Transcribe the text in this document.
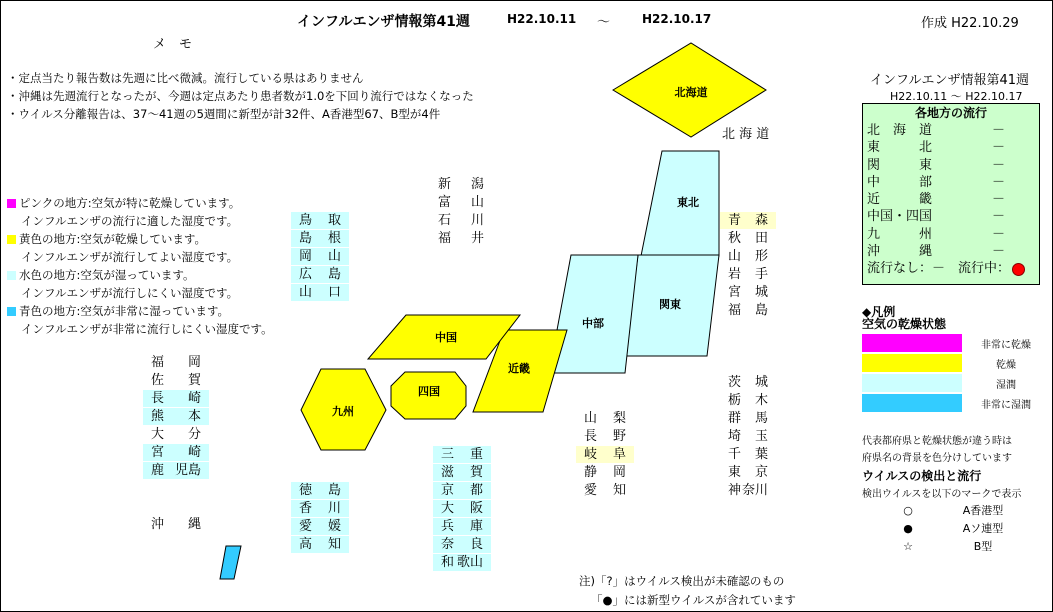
インフルエンザ情報第41週	H22.10.11 ～	H22.10.17	作成 H22.10.29
メ　モ
・定点当たり報告数は先週に比べ微減。流行している県はありません
・沖縄は先週流行となったが、今週は定点あたり患者数が1.0を下回り流行ではなくなった
・ウイルス分離報告は、37～41週の5週間に新型が計32件、A香港型67、B型が4件
ピンクの地方:空気が特に乾燥しています。
インフルエンザの流行に適した湿度です。
黄色の地方:空気が乾燥しています。
インフルエンザが流行してよい湿度です。
水色の地方:空気が湿っています。
インフルエンザが流行しにくい湿度です。
青色の地方:空気が非常に湿っています。
インフルエンザが非常に流行しにくい湿度です。
北海道
東北
関東
中部
近畿
中国
四国
九州
北 海 道
新 潟
富 山
石 川
福 井
鳥 取
島 根
岡 山
広 島
山 口
青 森
秋 田
山 形
岩 手
宮 城
福 島
福 岡
佐 賀
長 崎
熊 本
大 分
宮 崎
鹿 児島
沖 縄
山 梨
長 野
岐 阜
静 岡
愛 知
茨 城
栃 木
群 馬
埼 玉
千 葉
東 京
神 奈川
徳 島
香 川
愛 媛
高 知
三 重
滋 賀
京 都
大 阪
兵 庫
奈 良
和 歌山
インフルエンザ情報第41週
H22.10.11 ～ H22.10.17
各地方の流行
北　海　道	－
東　　　北	－
関　　　東	－
中　　　部	－
近　　　畿	－
中国・四国	－
九　　　州	－
沖　　　縄	－
流行なし：－　流行中：
◆凡例
空気の乾燥状態
非常に乾燥
乾燥
湿潤
非常に湿潤
代表都府県と乾燥状態が違う時は
府県名の背景を色分けしています
ウイルスの検出と流行
検出ウイルスを以下のマークで表示
○	A香港型
●	Aソ連型
☆	B型
注)「?」はウイルス検出が未確認のもの
「●」には新型ウイルスが含れています
